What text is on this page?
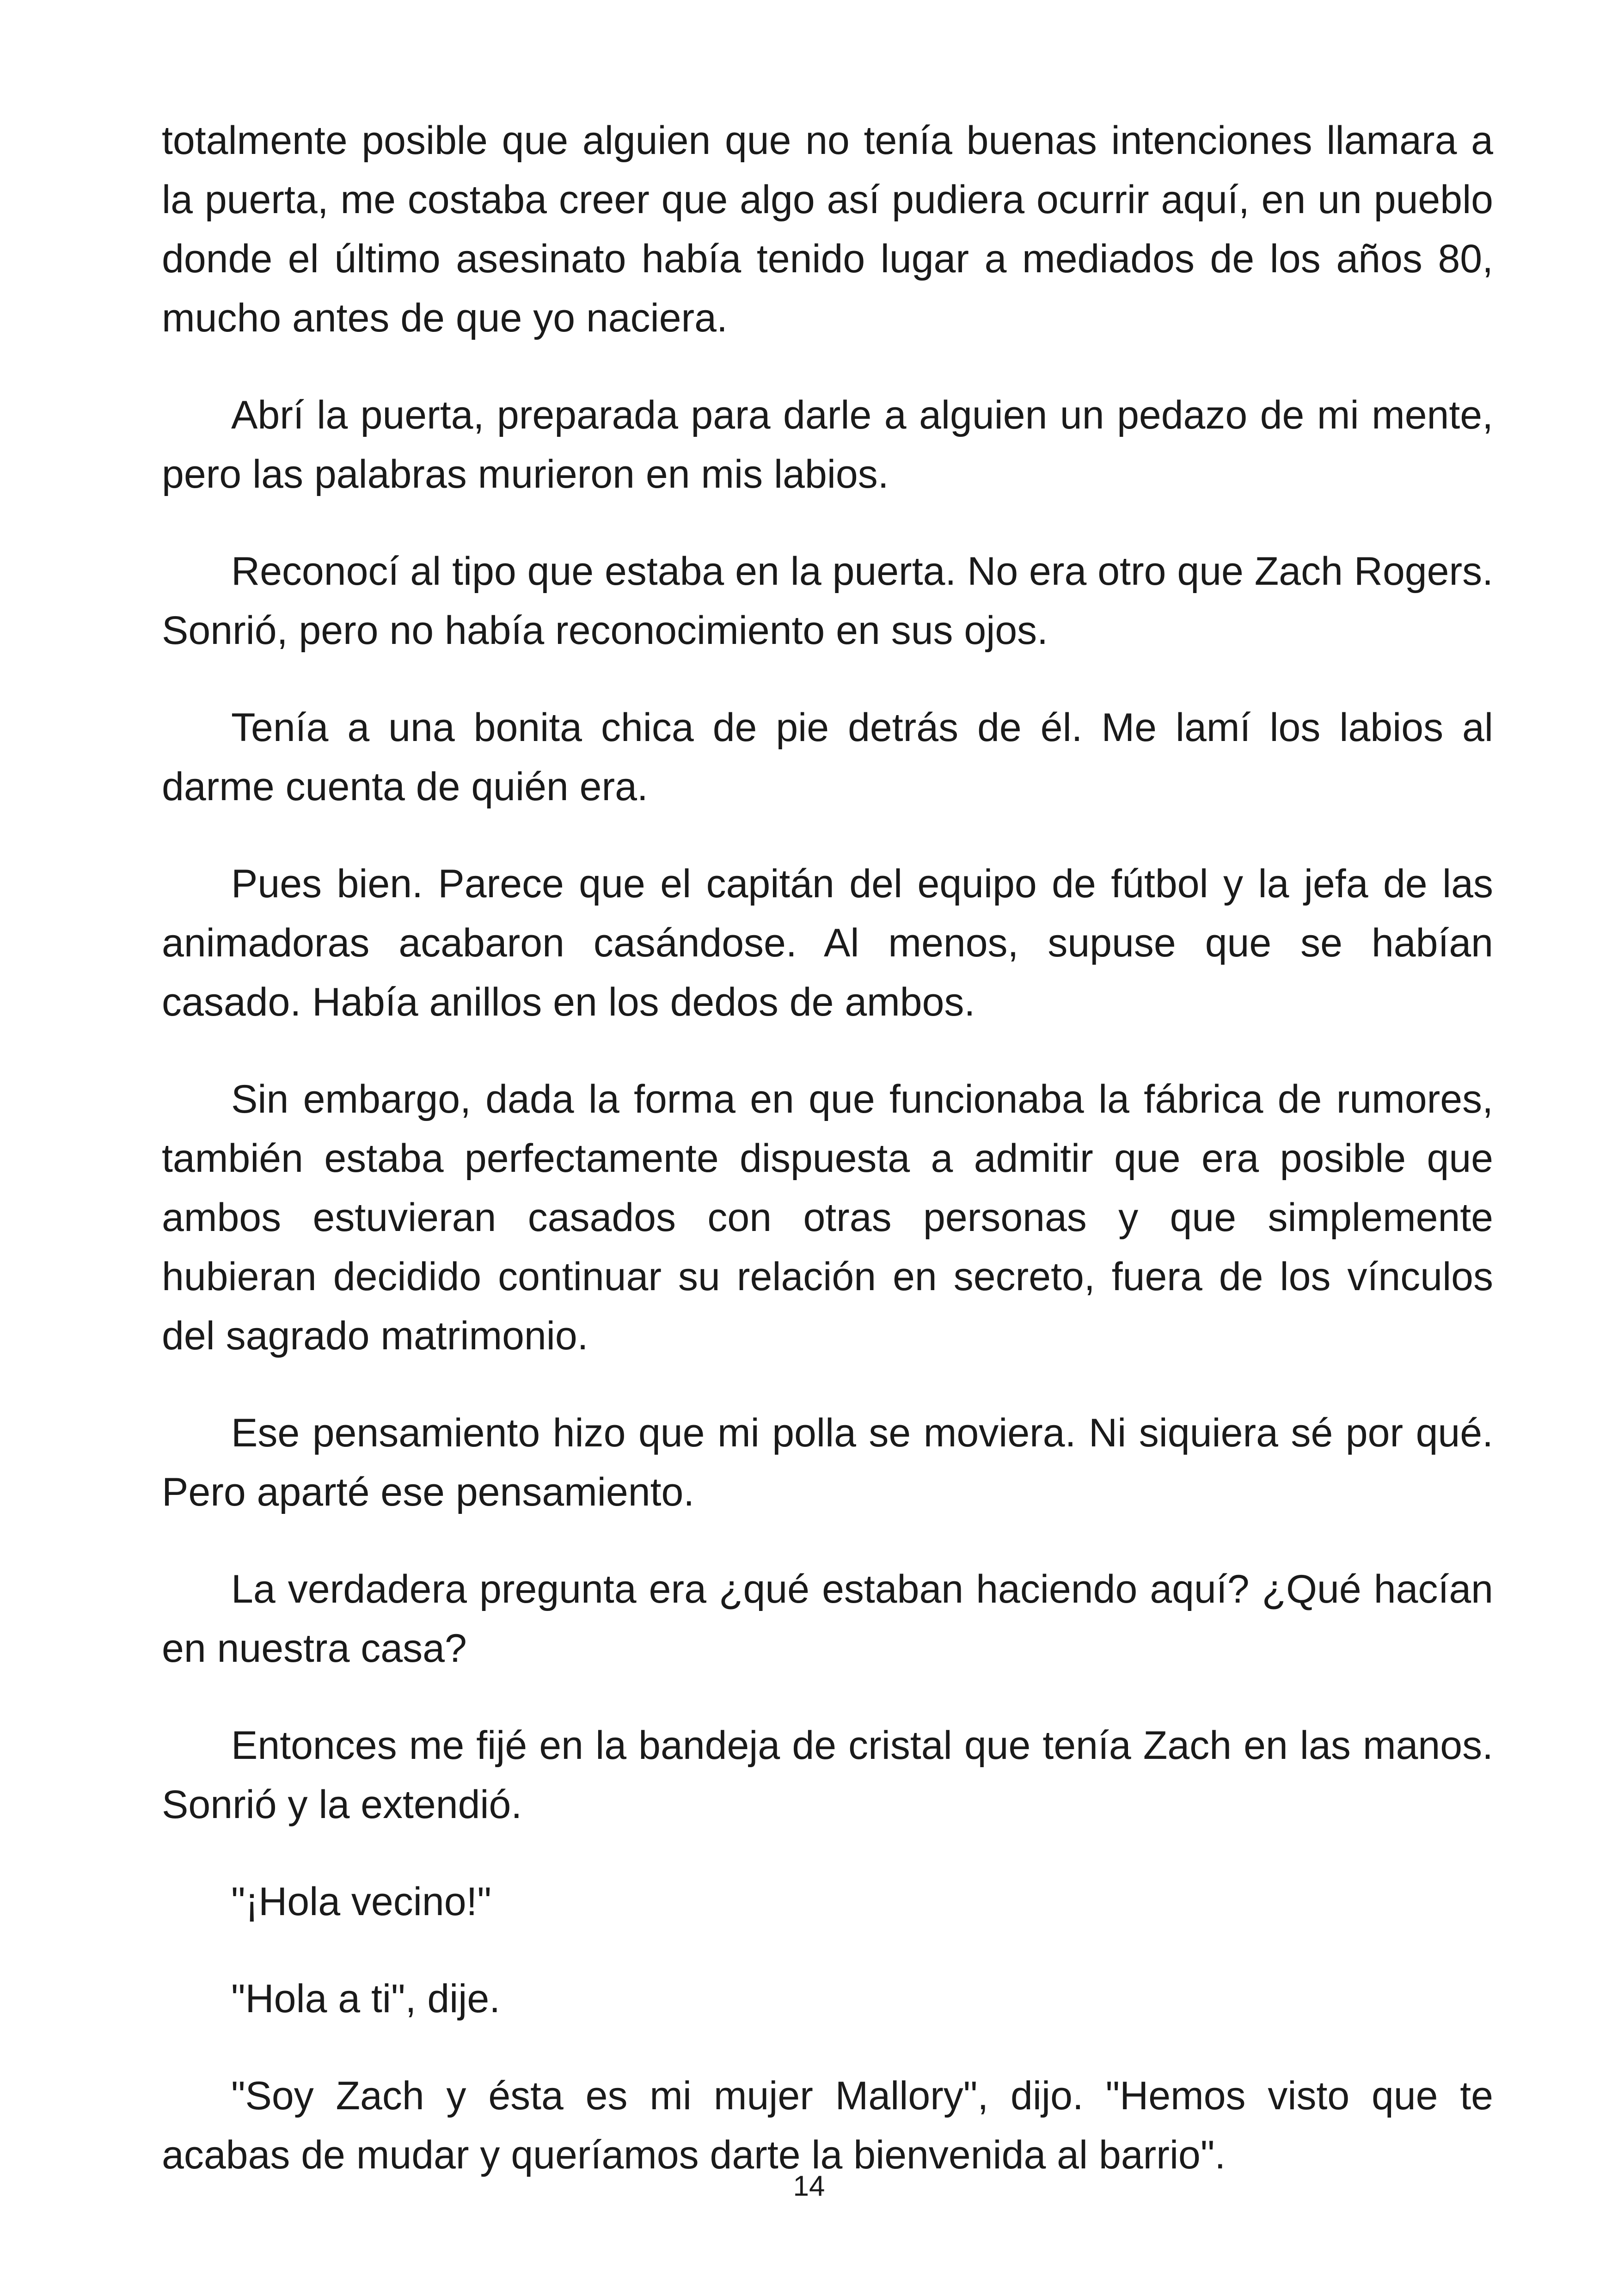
totalmente posible que alguien que no tenía buenas intenciones llamara a la puerta, me costaba creer que algo así pudiera ocurrir aquí, en un pueblo donde el último asesinato había tenido lugar a mediados de los años 80, mucho antes de que yo naciera.

Abrí la puerta, preparada para darle a alguien un pedazo de mi mente, pero las palabras murieron en mis labios.

Reconocí al tipo que estaba en la puerta. No era otro que Zach Rogers. Sonrió, pero no había reconocimiento en sus ojos.

Tenía a una bonita chica de pie detrás de él. Me lamí los labios al darme cuenta de quién era.

Pues bien. Parece que el capitán del equipo de fútbol y la jefa de las animadoras acabaron casándose. Al menos, supuse que se habían casado. Había anillos en los dedos de ambos.

Sin embargo, dada la forma en que funcionaba la fábrica de rumores, también estaba perfectamente dispuesta a admitir que era posible que ambos estuvieran casados con otras personas y que simplemente hubieran decidido continuar su relación en secreto, fuera de los vínculos del sagrado matrimonio.

Ese pensamiento hizo que mi polla se moviera. Ni siquiera sé por qué. Pero aparté ese pensamiento.

La verdadera pregunta era ¿qué estaban haciendo aquí? ¿Qué hacían en nuestra casa?

Entonces me fijé en la bandeja de cristal que tenía Zach en las manos. Sonrió y la extendió.

"¡Hola vecino!"

"Hola a ti", dije.

"Soy Zach y ésta es mi mujer Mallory", dijo. "Hemos visto que te acabas de mudar y queríamos darte la bienvenida al barrio".

14
